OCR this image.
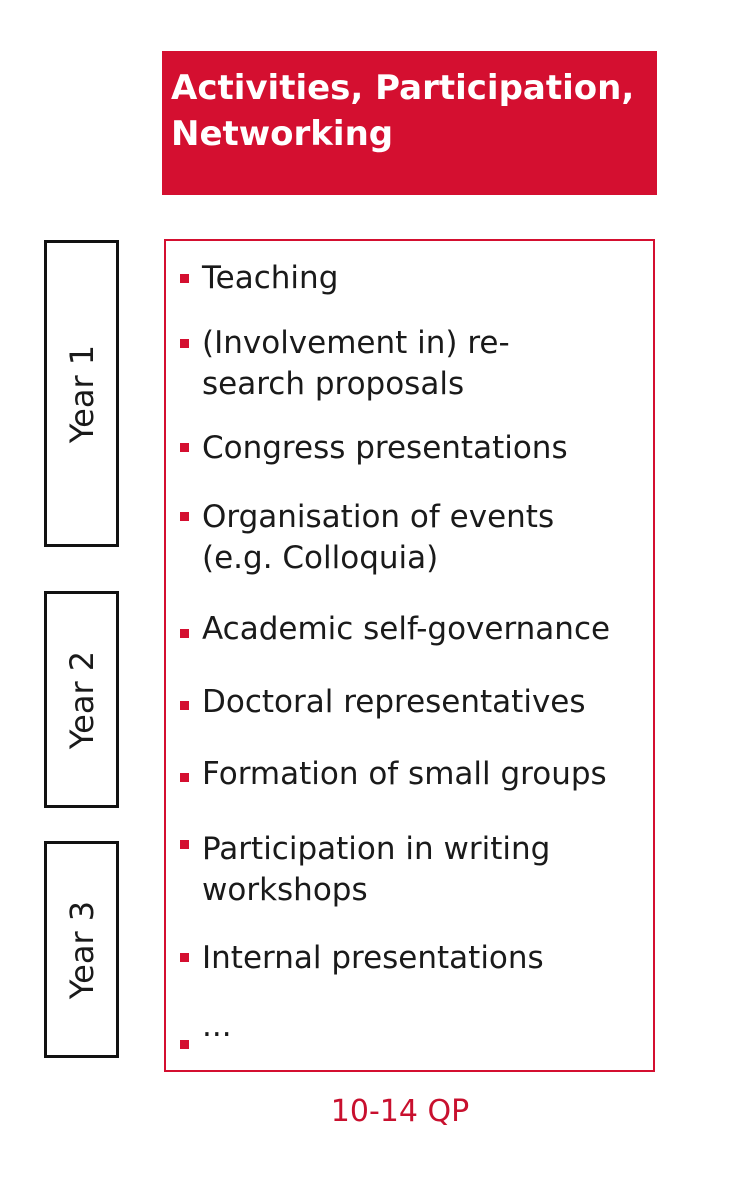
Activities, Participation,
Networking

Year 1
Year 2
Year 3

Teaching

(Involvement in) re-
search proposals

Congress presentations

Organisation of events
(e.g. Colloquia)

Academic self-governance

Doctoral representatives

Formation of small groups

Participation in writing
workshops

Internal presentations

...

10-14 QP
